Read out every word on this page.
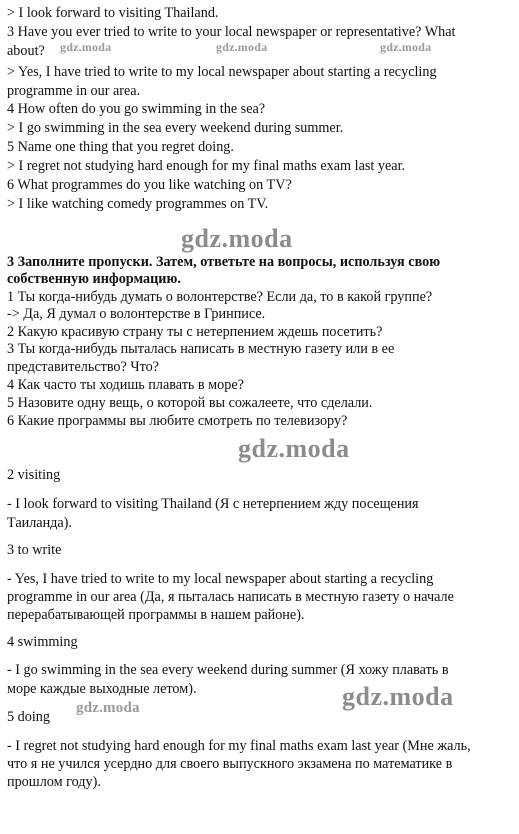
> I look forward to visiting Thailand.
3 Have you ever tried to write to your local newspaper or representative? What
about?
> Yes, I have tried to write to my local newspaper about starting a recycling
programme in our area.
4 How often do you go swimming in the sea?
> I go swimming in the sea every weekend during summer.
5 Name one thing that you regret doing.
> I regret not studying hard enough for my final maths exam last year.
6 What programmes do you like watching on TV?
> I like watching comedy programmes on TV.
3 Заполните пропуски. Затем, ответьте на вопросы, используя свою
собственную информацию.
1 Ты когда-нибудь думать о волонтерстве? Если да, то в какой группе?
-> Да, Я думал о волонтерстве в Гринписе.
2 Какую красивую страну ты с нетерпением ждешь посетить?
3 Ты когда-нибудь пыталась написать в местную газету или в ее
представительство? Что?
4 Как часто ты ходишь плавать в море?
5 Назовите одну вещь, о которой вы сожалеете, что сделали.
6 Какие программы вы любите смотреть по телевизору?
2 visiting
- I look forward to visiting Thailand (Я с нетерпением жду посещения
Таиланда).
3 to write
- Yes, I have tried to write to my local newspaper about starting a recycling
programme in our area (Да, я пыталась написать в местную газету о начале
перерабатывающей программы в нашем районе).
4 swimming
- I go swimming in the sea every weekend during summer (Я хожу плавать в
море каждые выходные летом).
5 doing
- I regret not studying hard enough for my final maths exam last year (Мне жаль,
что я не учился усердно для своего выпускного экзамена по математике в
прошлом году).
gdz.moda	gdz.moda	gdz.moda
gdz.moda
gdz.moda
gdz.moda
gdz.moda
